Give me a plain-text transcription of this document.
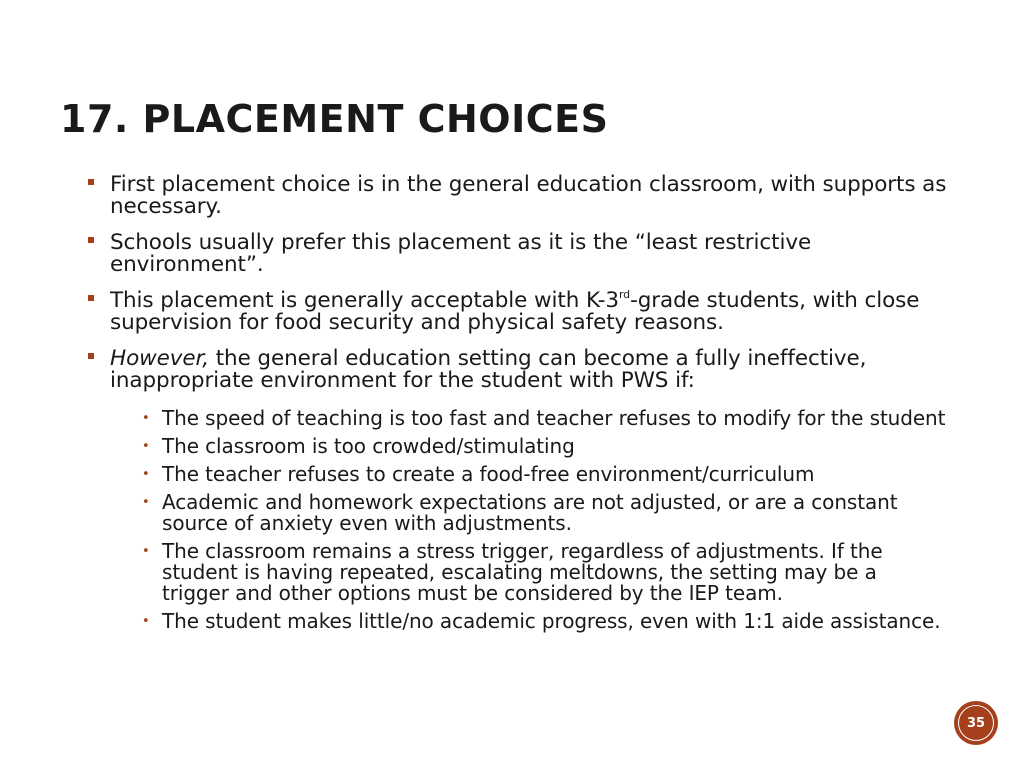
17. PLACEMENT CHOICES
First placement choice is in the general education classroom, with supports as necessary.
Schools usually prefer this placement as it is the “least restrictive environment”.
This placement is generally acceptable with K-3rd-grade students, with close supervision for food security and physical safety reasons.
However, the general education setting can become a fully ineffective, inappropriate environment for the student with PWS if:
• The speed of teaching is too fast and teacher refuses to modify for the student
• The classroom is too crowded/stimulating
• The teacher refuses to create a food-free environment/curriculum
• Academic and homework expectations are not adjusted, or are a constant source of anxiety even with adjustments.
• The classroom remains a stress trigger, regardless of adjustments. If the student is having repeated, escalating meltdowns, the setting may be a trigger and other options must be considered by the IEP team.
• The student makes little/no academic progress, even with 1:1 aide assistance.
35
